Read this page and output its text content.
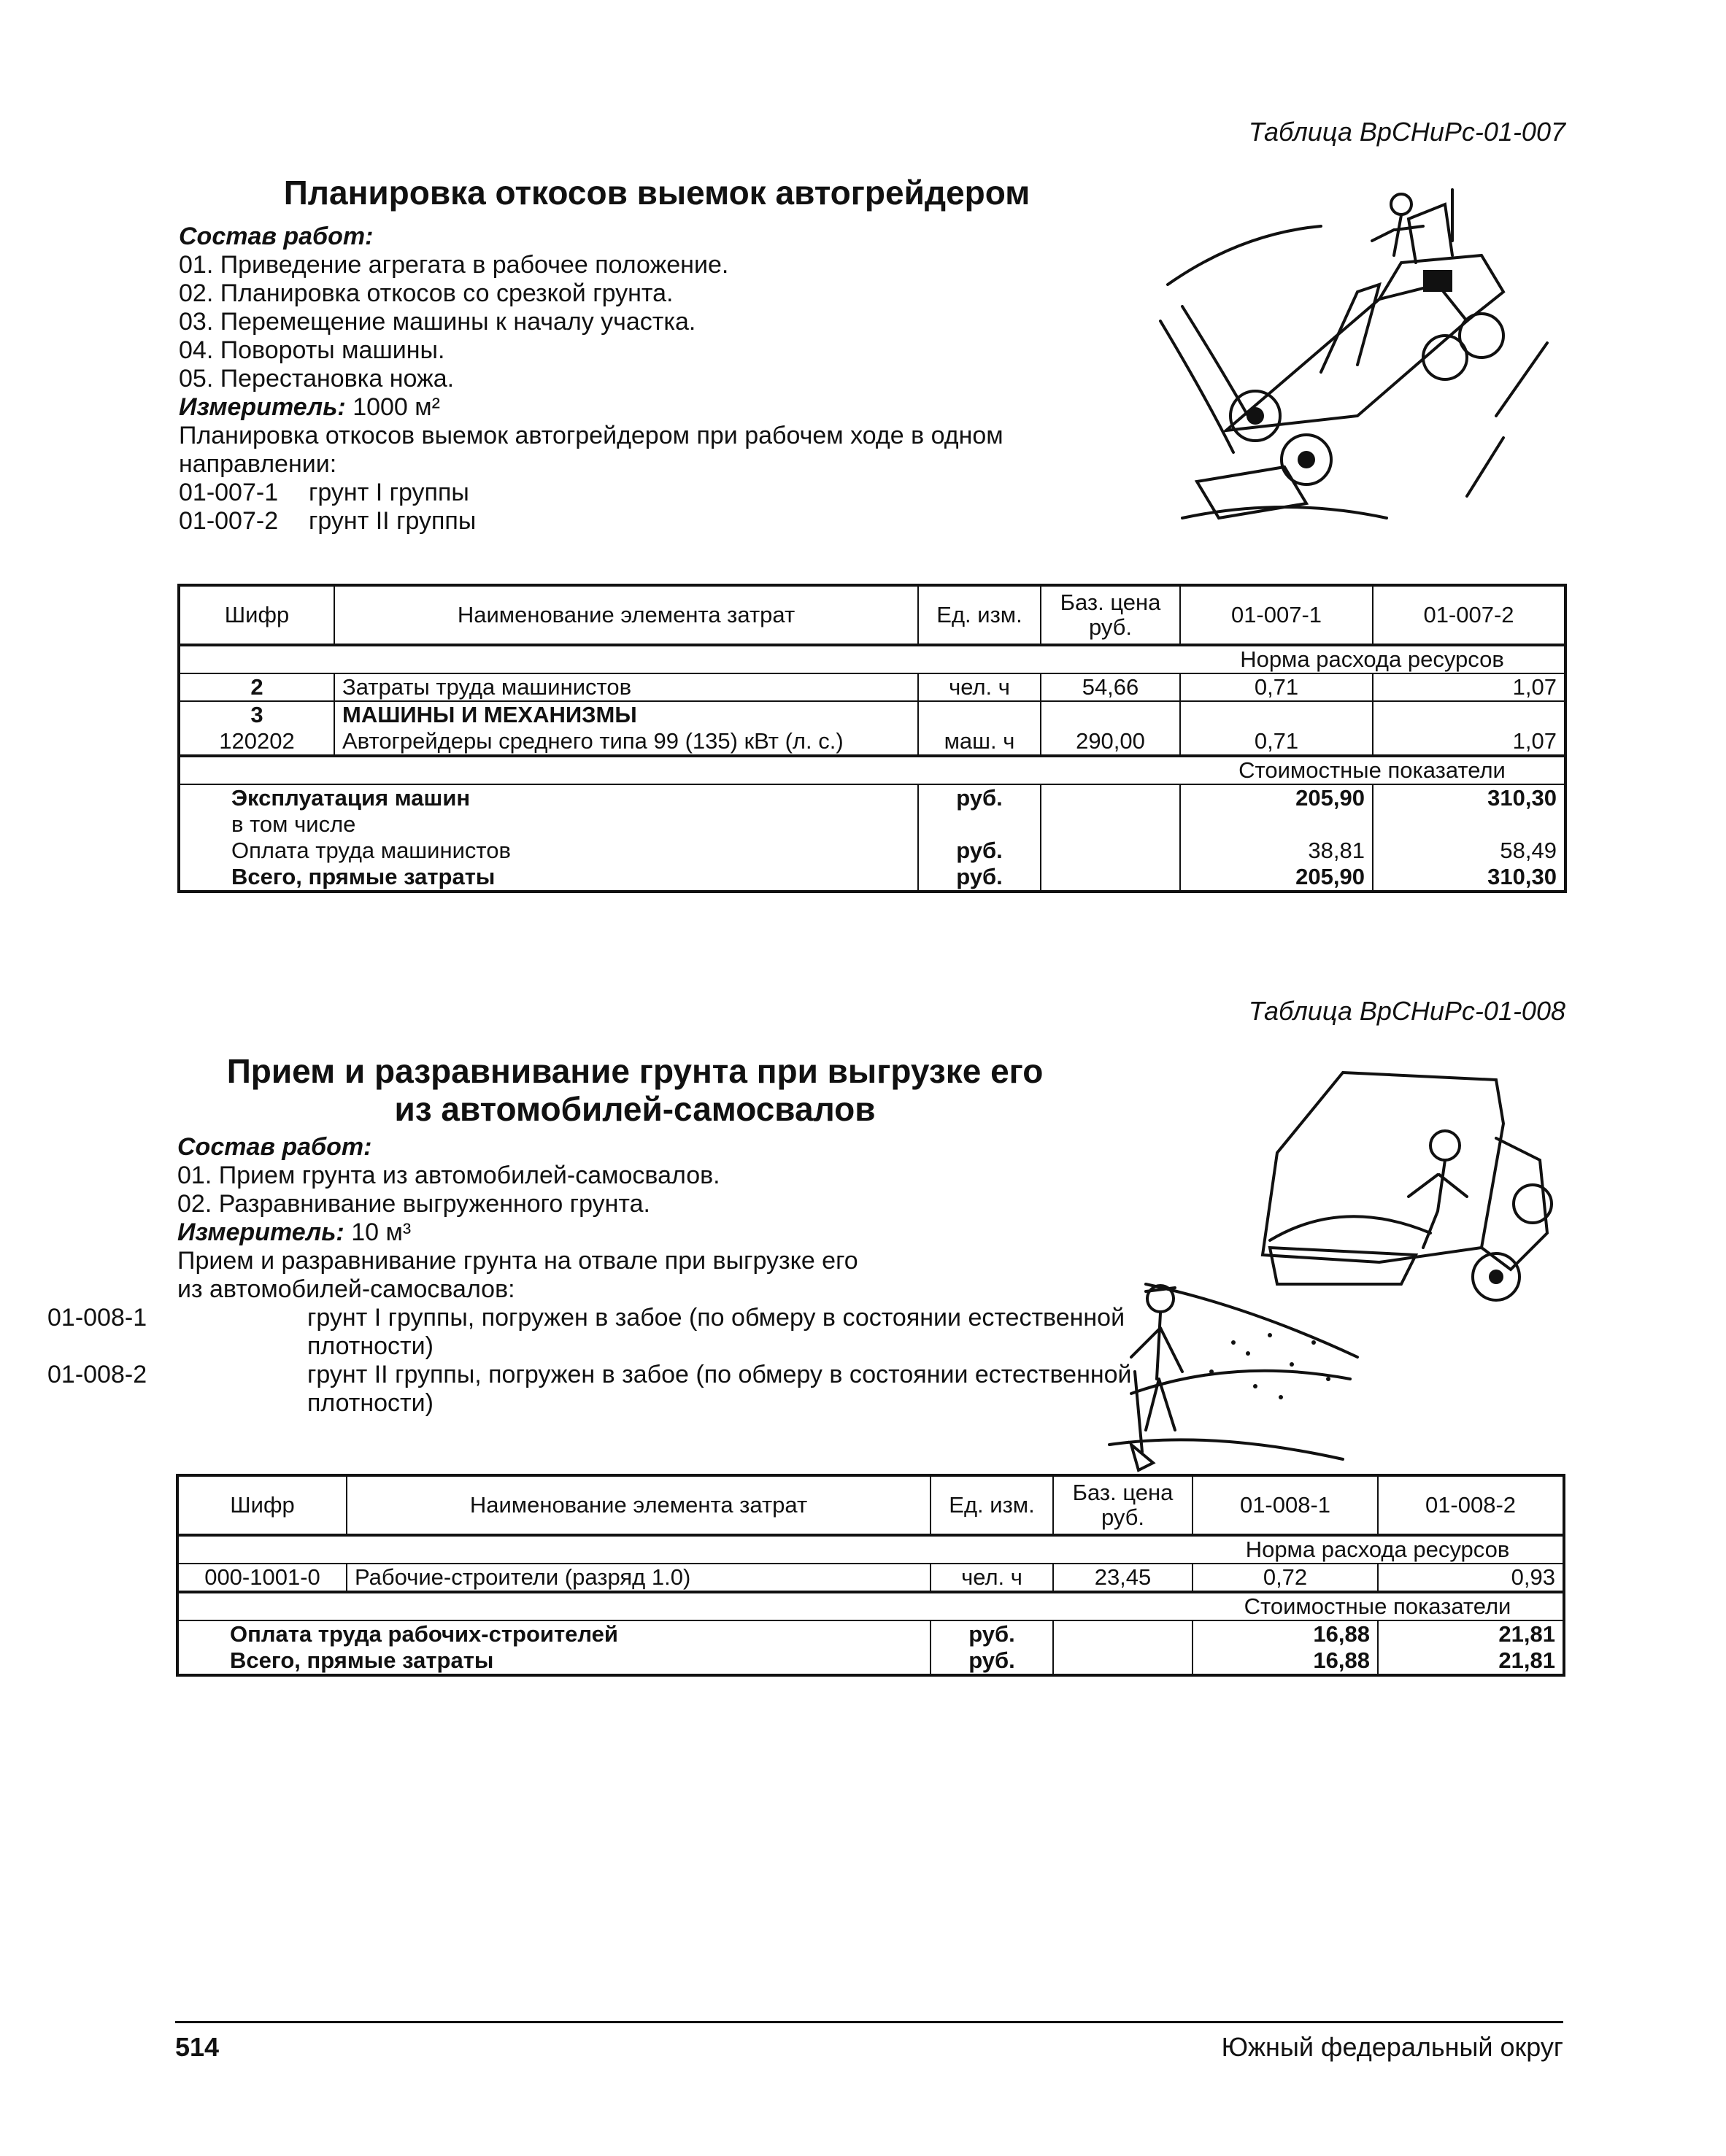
Таблица ВрСНиРс-01-007
Планировка откосов выемок автогрейдером
Состав работ:
01. Приведение агрегата в рабочее положение.
02. Планировка откосов со срезкой грунта.
03. Перемещение машины к началу участка.
04. Повороты машины.
05. Перестановка ножа.
Измеритель: 1000 м²
Планировка откосов выемок автогрейдером при рабочем ходе в одном направлении:
01-007-1 грунт I группы
01-007-2 грунт II группы
Шифр	Наименование элемента затрат	Ед. изм.	Баз. цена руб.	01-007-1	01-007-2
				Норма расхода ресурсов	
2	Затраты труда машинистов	чел. ч	54,66	0,71	1,07
3	МАШИНЫ И МЕХАНИЗМЫ				
120202	Автогрейдеры среднего типа 99 (135) кВт (л. с.)	маш. ч	290,00	0,71	1,07
				Стоимостные показатели	
Эксплуатация машин		руб.		205,90	310,30
в том числе					
Оплата труда машинистов		руб.		38,81	58,49
Всего, прямые затраты		руб.		205,90	310,30
Таблица ВрСНиРс-01-008
Прием и разравнивание грунта при выгрузке его
из автомобилей-самосвалов
Состав работ:
01. Прием грунта из автомобилей-самосвалов.
02. Разравнивание выгруженного грунта.
Измеритель: 10 м³
Прием и разравнивание грунта на отвале при выгрузке его
из автомобилей-самосвалов:
01-008-1	грунт I группы, погружен в забое (по обмеру в состоянии естественной плотности)
01-008-2	грунт II группы, погружен в забое (по обмеру в состоянии естественной плотности)
Шифр	Наименование элемента затрат	Ед. изм.	Баз. цена руб.	01-008-1	01-008-2
				Норма расхода ресурсов	
000-1001-0	Рабочие-строители (разряд 1.0)	чел. ч	23,45	0,72	0,93
				Стоимостные показатели	
Оплата труда рабочих-строителей		руб.		16,88	21,81
Всего, прямые затраты		руб.		16,88	21,81
514	Южный федеральный округ
